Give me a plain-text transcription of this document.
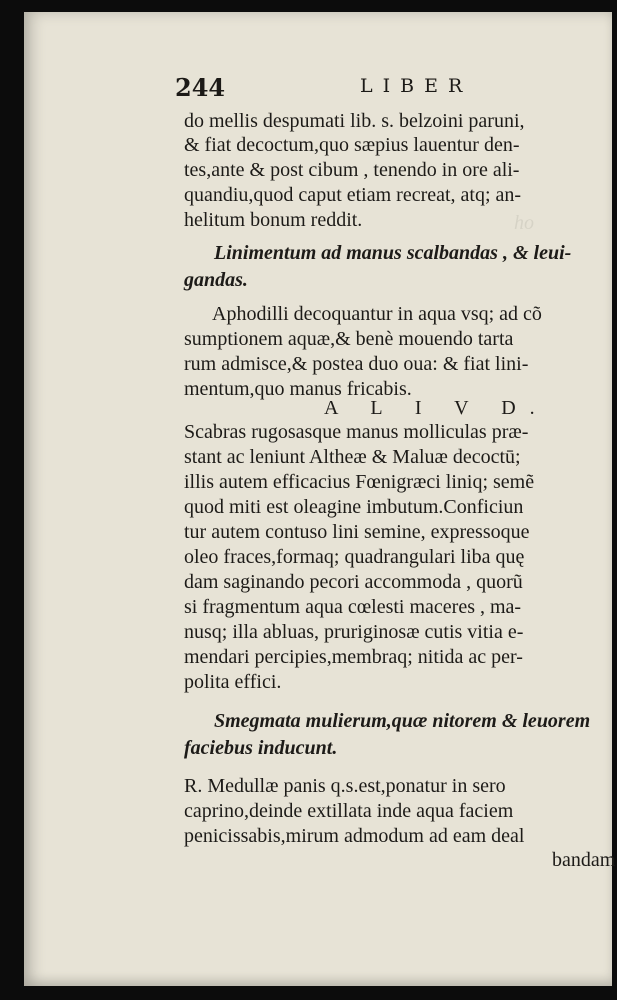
ho
244	LIBER
do mellis despumati lib. s. belzoini paruni,
& fiat decoctum,quo sæpius lauentur den-
tes,ante & post cibum , tenendo in ore ali-
quandiu,quod caput etiam recreat, atq; an-
helitum bonum reddit.
Linimentum ad manus scalbandas , & leui-
gandas.
Aphodilli decoquantur in aqua vsq; ad cõ
sumptionem aquæ,& benè mouendo tarta
rum admisce,& postea duo oua: & fiat lini-
mentum,quo manus fricabis.
A L I V D.
Scabras rugosasque manus molliculas præ-
stant ac leniunt Altheæ & Maluæ decoctū;
illis autem efficacius Fœnigræci liniq; semẽ
quod miti est oleagine imbutum.Conficiun
tur autem contuso lini semine, expressoque
oleo fraces,formaq; quadrangulari liba quę
dam saginando pecori accommoda , quorũ
si fragmentum aqua cœlesti maceres , ma-
nusq; illa abluas, pruriginosæ cutis vitia e-
mendari percipies,membraq; nitida ac per-
polita effici.
Smegmata mulierum,quæ nitorem & leuorem
faciebus inducunt.
R. Medullæ panis q.s.est,ponatur in sero
caprino,deinde extillata inde aqua faciem
penicissabis,mirum admodum ad eam deal
bandam
